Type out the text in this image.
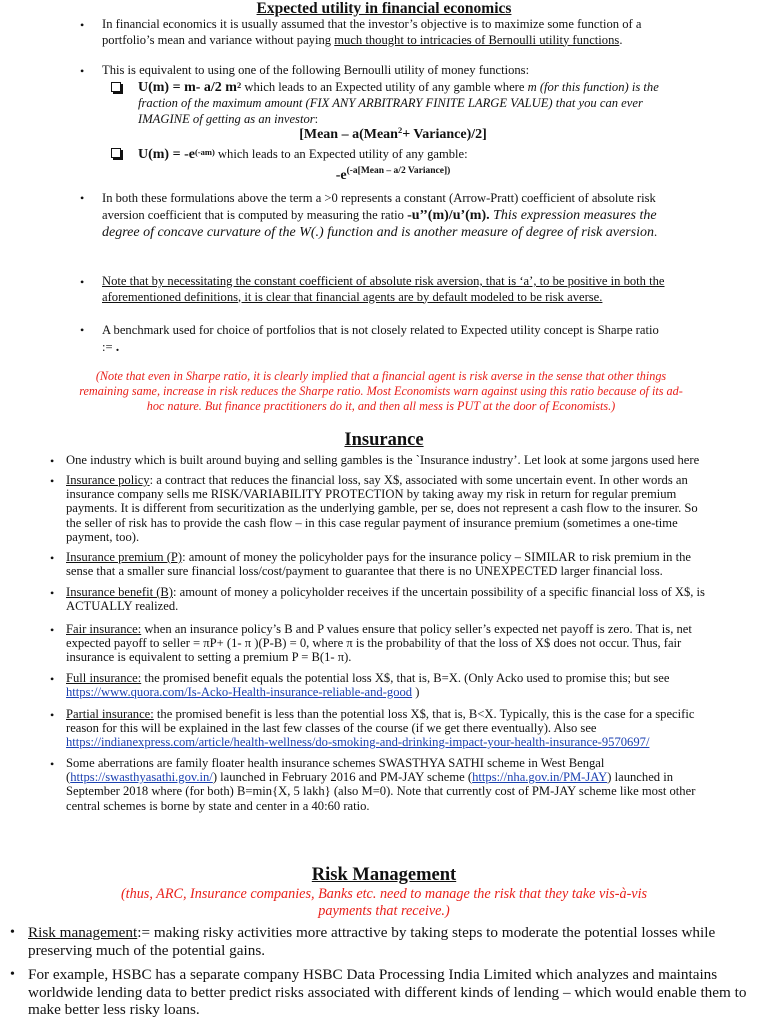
Expected utility in financial economics
• In financial economics it is usually assumed that the investor’s objective is to maximize some function of a portfolio’s mean and variance without paying much thought to intricacies of Bernoulli utility functions.
• This is equivalent to using one of the following Bernoulli utility of money functions:
U(m) = m- a/2 $m^2$ which leads to an Expected utility of any gamble where m (for this function) is the fraction of the maximum amount (FIX ANY ARBITRARY FINITE LARGE VALUE) that you can ever IMAGINE of getting as an investor:
[Mean – a(Mean$^2$+ Variance)/2]
$U(m) = -e^{(-am)}$ which leads to an Expected utility of any gamble:
$-e^{(-a[Mean - a/2 Variance])}$
• In both these formulations above the term a >0 represents a constant (Arrow-Pratt) coefficient of absolute risk aversion coefficient that is computed by measuring the ratio -u’’(m)/u’(m). This expression measures the degree of concave curvature of the W(.) function and is another measure of degree of risk aversion.
• Note that by necessitating the constant coefficient of absolute risk aversion, that is ‘a’, to be positive in both the aforementioned definitions, it is clear that financial agents are by default modeled to be risk averse.
• A benchmark used for choice of portfolios that is not closely related to Expected utility concept is Sharpe ratio := .
(Note that even in Sharpe ratio, it is clearly implied that a financial agent is risk averse in the sense that other things remaining same, increase in risk reduces the Sharpe ratio. Most Economists warn against using this ratio because of its ad-hoc nature. But finance practitioners do it, and then all mess is PUT at the door of Economists.)
Insurance
• One industry which is built around buying and selling gambles is the `Insurance industry’. Let look at some jargons used here
• Insurance policy: a contract that reduces the financial loss, say X$, associated with some uncertain event. In other words an insurance company sells me RISK/VARIABILITY PROTECTION by taking away my risk in return for regular premium payments. It is different from securitization as the underlying gamble, per se, does not represent a cash flow to the insurer. So the seller of risk has to provide the cash flow – in this case regular payment of insurance premium (sometimes a one-time payment, too).
• Insurance premium (P): amount of money the policyholder pays for the insurance policy – SIMILAR to risk premium in the sense that a smaller sure financial loss/cost/payment to guarantee that there is no UNEXPECTED larger financial loss.
• Insurance benefit (B): amount of money a policyholder receives if the uncertain possibility of a specific financial loss of X$, is ACTUALLY realized.
• Fair insurance: when an insurance policy’s B and P values ensure that policy seller’s expected net payoff is zero. That is, net expected payoff to seller = πP+ (1- π )(P-B) = 0, where π is the probability of that the loss of X$ does not occur. Thus, fair insurance is equivalent to setting a premium P = B(1- π).
• Full insurance: the promised benefit equals the potential loss X$, that is, B=X. (Only Acko used to promise this; but see https://www.quora.com/Is-Acko-Health-insurance-reliable-and-good )
• Partial insurance: the promised benefit is less than the potential loss X$, that is, B<X. Typically, this is the case for a specific reason for this will be explained in the last few classes of the course (if we get there eventually). Also see https://indianexpress.com/article/health-wellness/do-smoking-and-drinking-impact-your-health-insurance-9570697/
• Some aberrations are family floater health insurance schemes SWASTHYA SATHI scheme in West Bengal (https://swasthyasathi.gov.in/) launched in February 2016 and PM-JAY scheme (https://nha.gov.in/PM-JAY) launched in September 2018 where (for both) B=min{X, 5 lakh} (also M=0). Note that currently cost of PM-JAY scheme like most other central schemes is borne by state and center in a 40:60 ratio.
Risk Management
(thus, ARC, Insurance companies, Banks etc. need to manage the risk that they take vis-à-vis
payments that receive.)
• Risk management:= making risky activities more attractive by taking steps to moderate the potential losses while preserving much of the potential gains.
• For example, HSBC has a separate company HSBC Data Processing India Limited which analyzes and maintains worldwide lending data to better predict risks associated with different kinds of lending – which would enable them to make better less risky loans.
